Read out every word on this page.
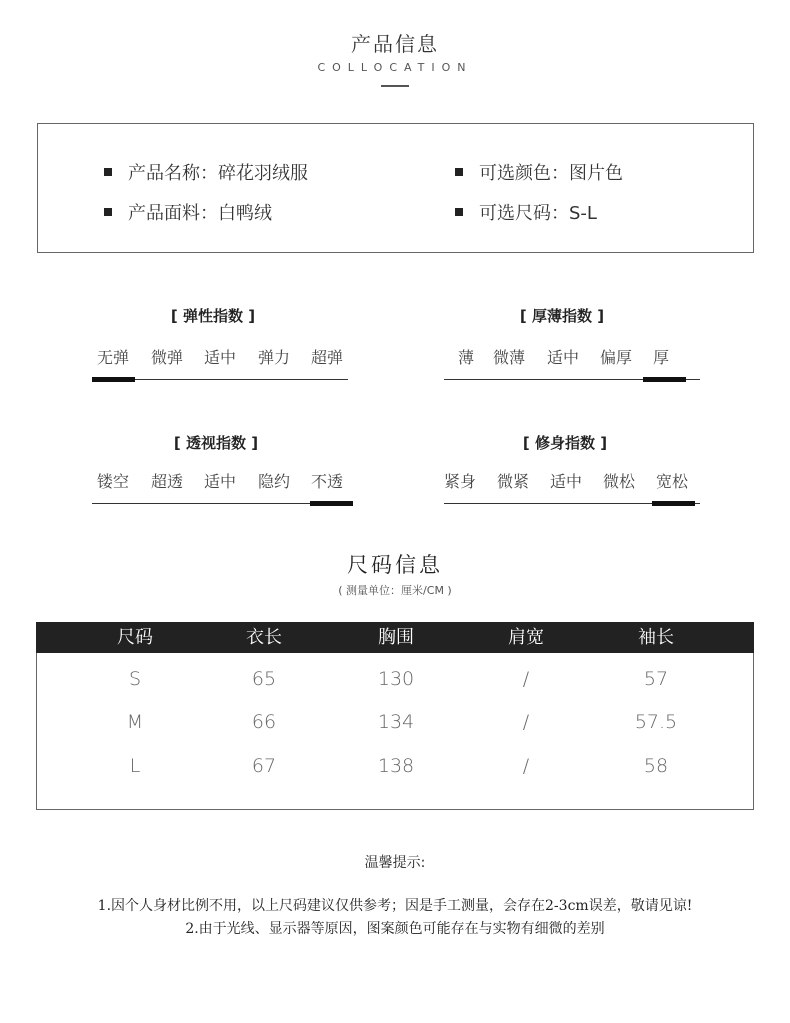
产品信息
COLLOCATION
产品名称：碎花羽绒服	可选颜色：图片色
产品面料：白鸭绒	可选尺码：S-L
[ 弹性指数 ]
无弹 微弹 适中 弹力 超弹
[ 厚薄指数 ]
薄 微薄 适中 偏厚 厚
[ 透视指数 ]
镂空 超透 适中 隐约 不透
[ 修身指数 ]
紧身 微紧 适中 微松 宽松
尺码信息
( 测量单位：厘米/CM )
尺码	衣长	胸围	肩宽	袖长
S	65	130	/	57
M	66	134	/	57.5
L	67	138	/	58
温馨提示:
1.因个人身材比例不用，以上尺码建议仅供参考；因是手工测量，会存在2-3cm误差，敬请见谅!
2.由于光线、显示器等原因，图案颜色可能存在与实物有细微的差别
